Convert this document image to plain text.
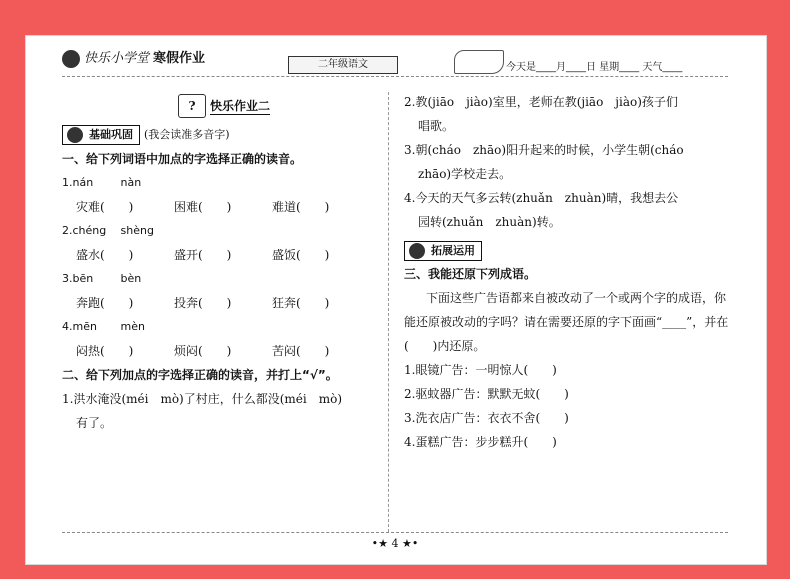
快乐小学堂 寒假作业	二年级语文	今天是____月____日 星期____ 天气____
?	快乐作业二
基础巩固 (我会读准多音字)
一、给下列词语中加点的字选择正确的读音。
1.nán nàn
灾难(　　)	困难(　　)	难道(　　)
2.chéng shèng
盛水(　　)	盛开(　　)	盛饭(　　)
3.bēn bèn
奔跑(　　)	投奔(　　)	狂奔(　　)
4.mēn mèn
闷热(　　)	烦闷(　　)	苦闷(　　)
二、给下列加点的字选择正确的读音，并打上“√”。
1.洪水淹没(méi　mò)了村庄，什么都没(méi　mò)
有了。
2.教(jiāo　jiào)室里，老师在教(jiāo　jiào)孩子们
唱歌。
3.朝(cháo　zhāo)阳升起来的时候，小学生朝(cháo
zhāo)学校走去。
4.今天的天气多云转(zhuǎn　zhuàn)晴，我想去公
园转(zhuǎn　zhuàn)转。
拓展运用
三、我能还原下列成语。
下面这些广告语都来自被改动了一个或两个字的成语，你能还原被改动的字吗？请在需要还原的字下面画“____”，并在(　　)内还原。
1.眼镜广告：一明惊人(　　)
2.驱蚊器广告：默默无蚊(　　)
3.洗衣店广告：衣衣不舍(　　)
4.蛋糕广告：步步糕升(　　)
•★ 4 ★•
